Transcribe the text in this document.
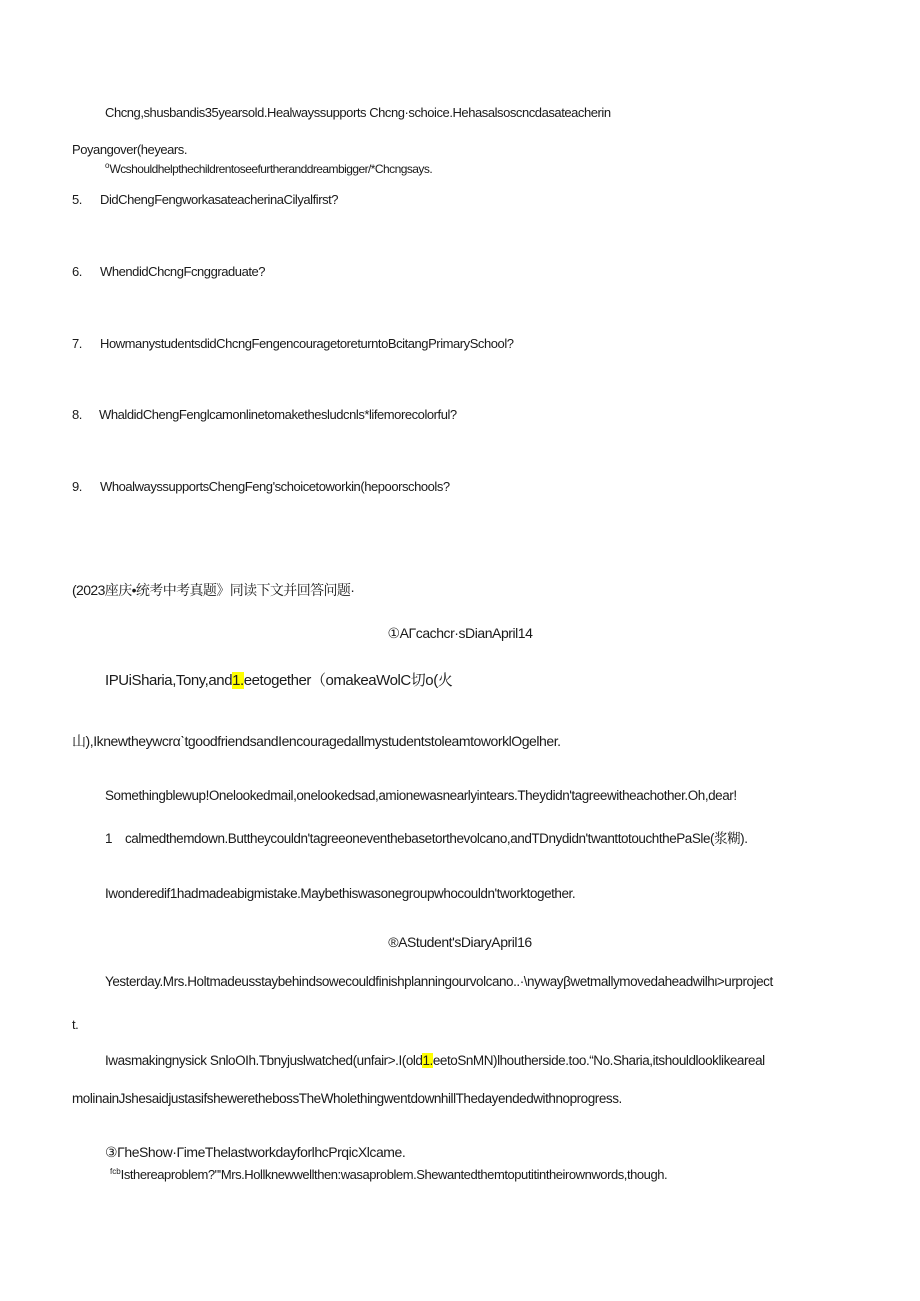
Chcng,shusbandis35yearsold.Healwayssupports Chcng·schoice.Hehasalsoscncdasateacherin
Poyangover(heyears.
$^o$Wcshouldhelpthechildrentoseefurtheranddreambigger/*Chcngsays.
5. DidChengFengworkasateacherinaCilyalfirst?
6. WhendidChcngFcnggraduate?
7. HowmanystudentsdidChcngFengencouragetoreturntoBcitangPrimarySchool?
8. WhaldidChengFenglcamonlinetomakethesludcnls*lifemorecolorful?
9. WhoalwayssupportsChengFeng'schoicetoworkin(hepoorschools?
(2023座庆•统考中考真题》同读下文并回答问题·
①AΓcachcr·sDianApril14
IPUiSharia,Tony,and1.eetogether（omakeaWolC切o(火
山),IknewtheywcrαˋtgoodfriendsandIencouragedallmystudentstoleamtoworklOgelher.
Somethingblewup!Onelookedmail,onelookedsad,amionewasnearlyintears.Theydidn'tagreewitheachother.Oh,dear!
1 calmedthemdown.Buttheycouldn'tagreeoneventhebasetorthevolcano,andTDnydidn'twanttotouchthePaSle(浆糊).
Iwonderedif1hadmadeabigmistake.Maybethiswasonegroupwhocouldn'tworktogether.
®AStudent'sDiaryApril16
Yesterday.Mrs.Holtmadeusstaybehindsowecouldfinishplanningourvolcano..·\nywayβwetmallymovedaheadwilhι>urproject
t.
Iwasmakingnysick SnloOIh.Tbnyjuslwatched(unfair>.I(old1.eetoSnMN)lhoutherside.too.“No.Sharia,itshouldlooklikeareal
molinainJshesaidjustasifshewerethebossTheWholethingwentdownhillThedayendedwithnoprogress.
③ΓheShow·ΓimeThelastworkdayforlhcPrqicXlcame.
$^{fcb}$Isthereaproblem?"'Mrs.Hollknewwellthen:wasaproblem.Shewantedthemtoputitintheirownwords,though.
